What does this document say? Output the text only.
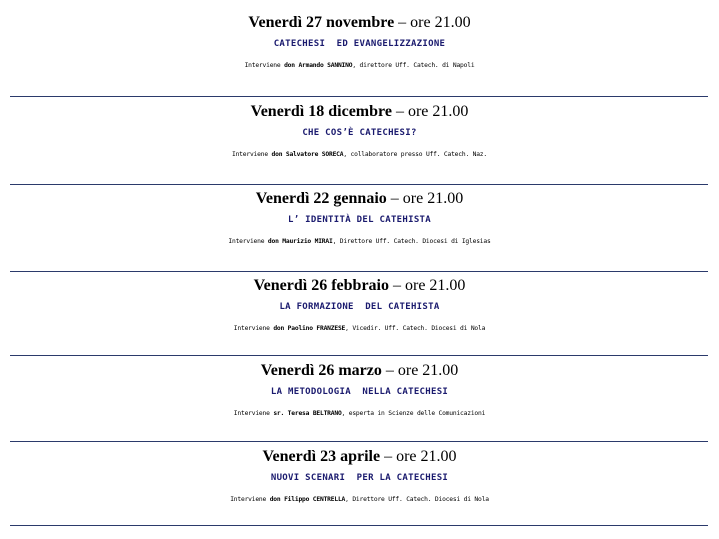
Venerdì 27 novembre – ore 21.00
CATECHESI  ED EVANGELIZZAZIONE
Interviene don Armando SANNINO, direttore Uff. Catech. di Napoli
Venerdì 18 dicembre – ore 21.00
CHE COS’È CATECHESI?
Interviene don Salvatore SORECA, collaboratore presso Uff. Catech. Naz.
Venerdì 22 gennaio – ore 21.00
L’ IDENTITÀ DEL CATEHISTA
Interviene don Maurizio MIRAI, Direttore Uff. Catech. Diocesi di Iglesias
Venerdì 26 febbraio – ore 21.00
LA FORMAZIONE  DEL CATEHISTA
Interviene don Paolino FRANZESE, Vicedir. Uff. Catech. Diocesi di Nola
Venerdì 26 marzo – ore 21.00
LA METODOLOGIA  NELLA CATECHESI
Interviene sr. Teresa BELTRANO, esperta in Scienze delle Comunicazioni
Venerdì 23 aprile – ore 21.00
NUOVI SCENARI  PER LA CATECHESI
Interviene don Filippo CENTRELLA, Direttore Uff. Catech. Diocesi di Nola
